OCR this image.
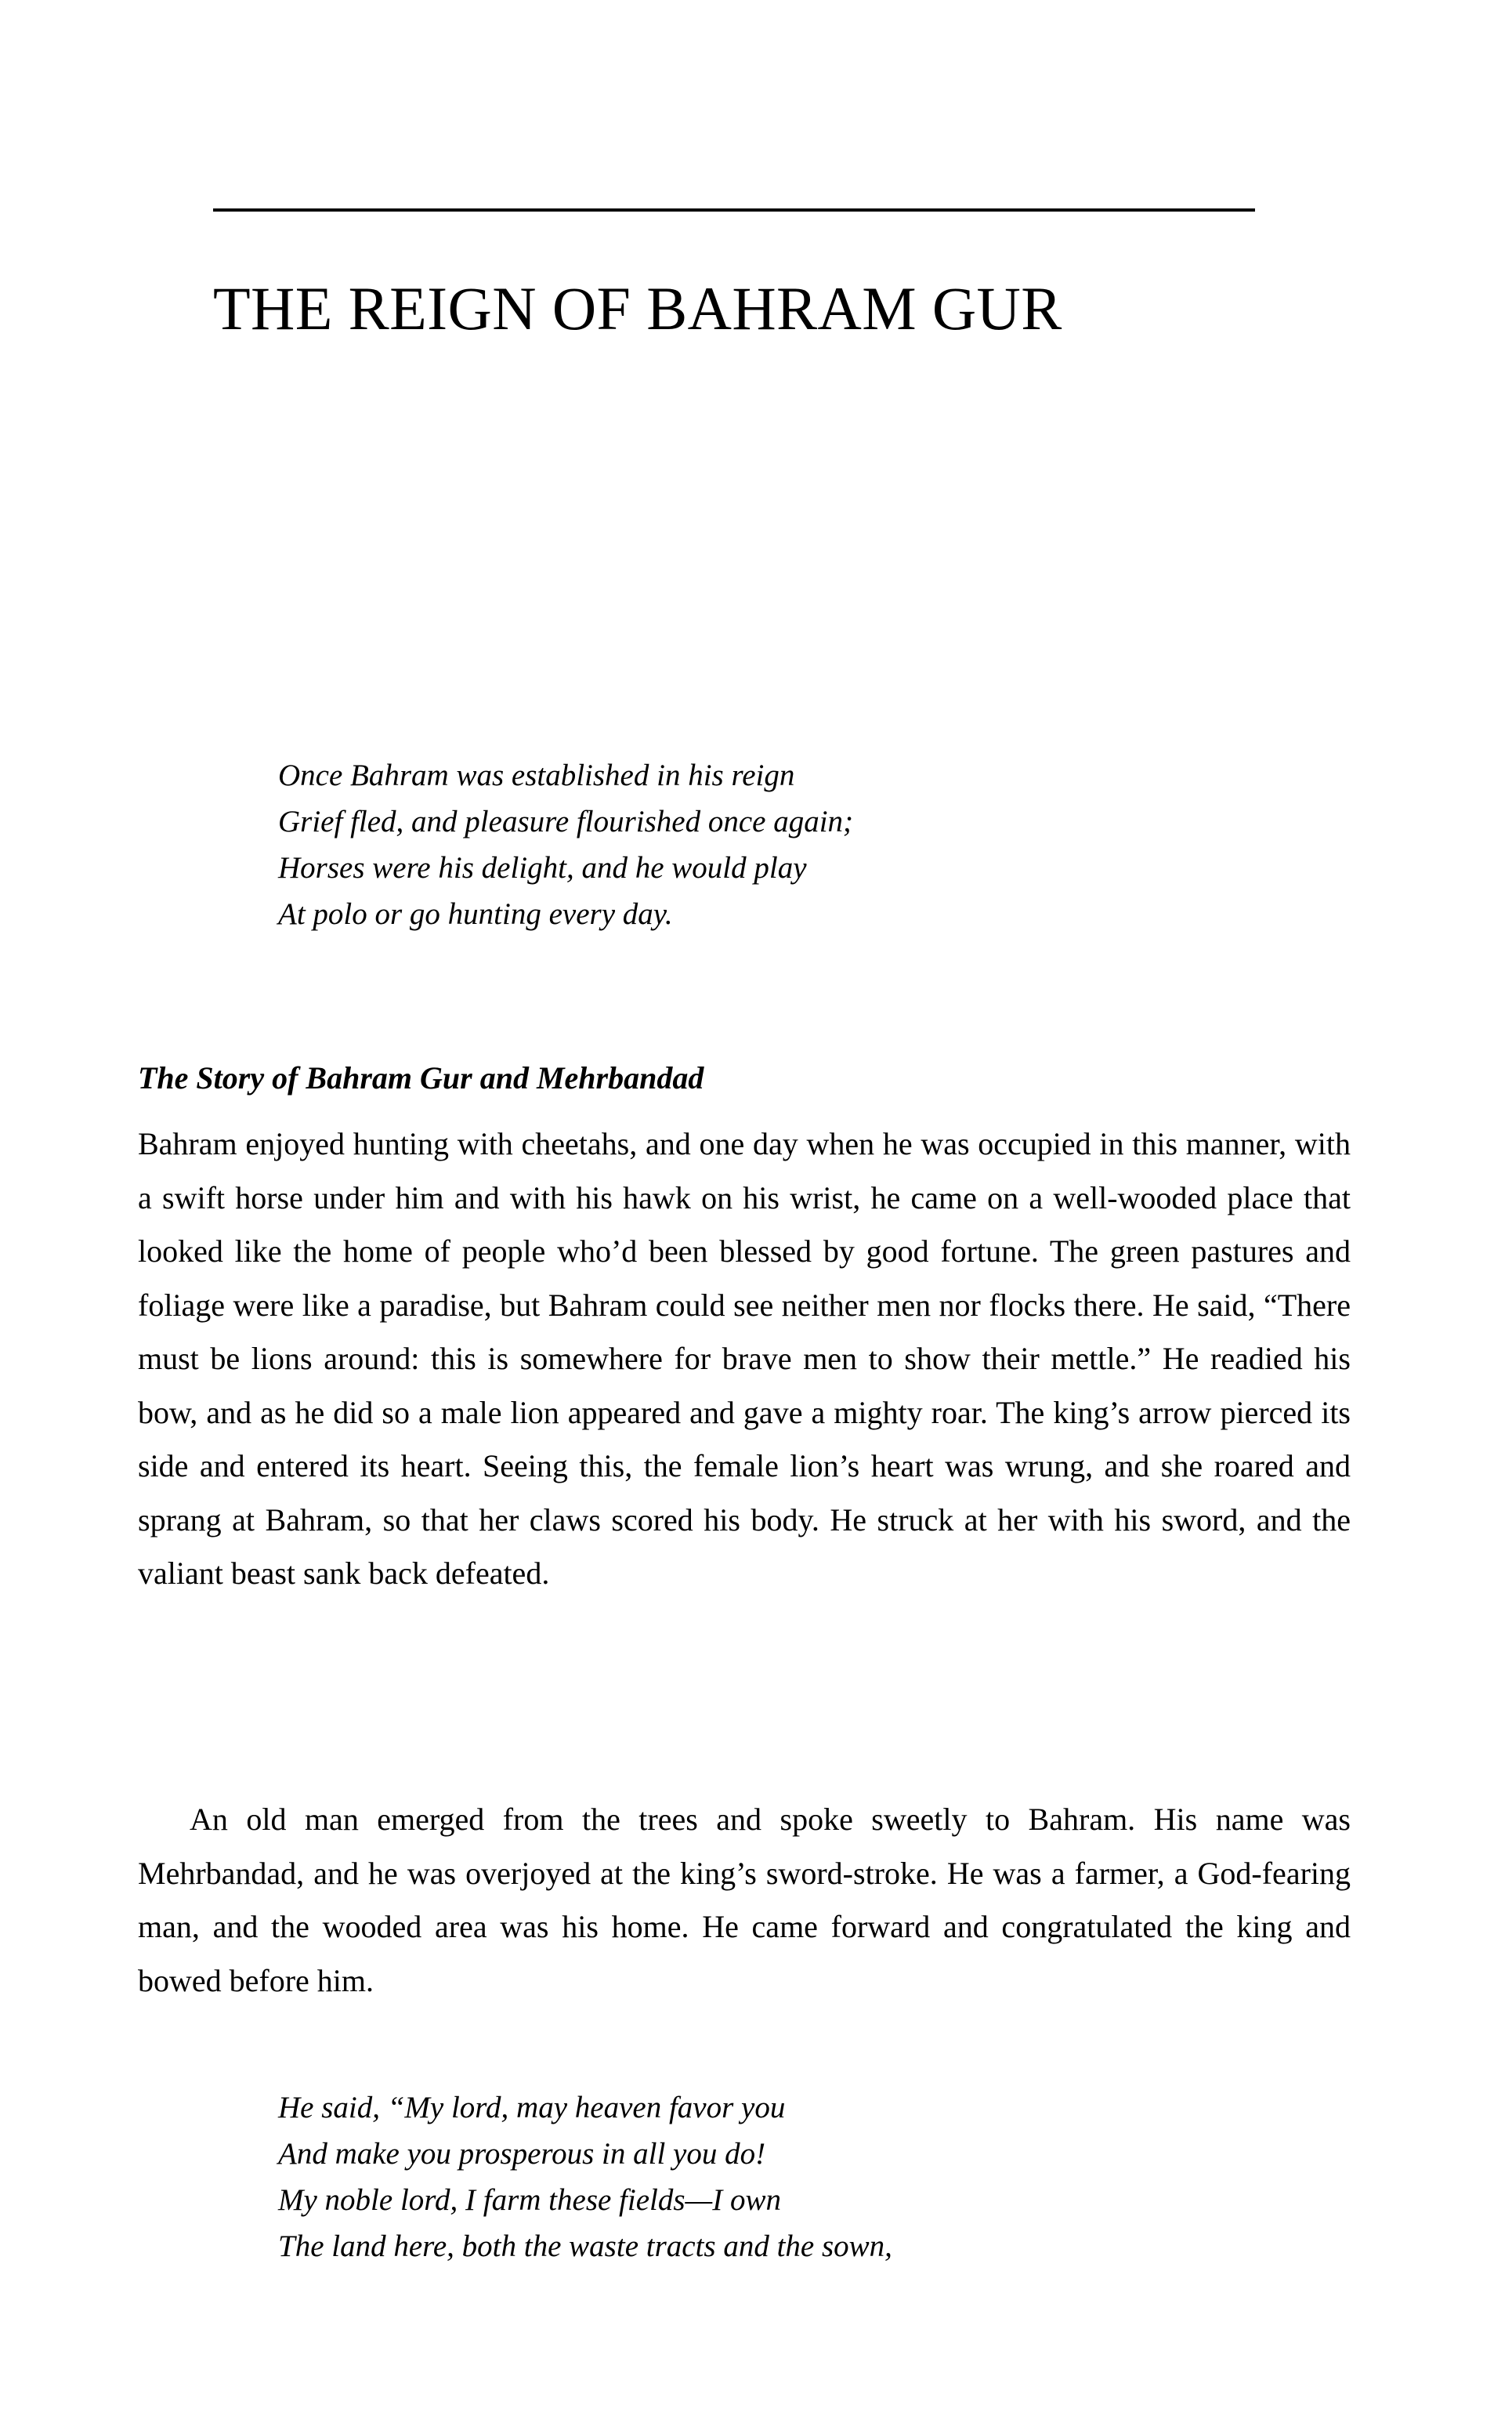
THE REIGN OF BAHRAM GUR
Once Bahram was established in his reign
Grief fled, and pleasure flourished once again;
Horses were his delight, and he would play
At polo or go hunting every day.
The Story of Bahram Gur and Mehrbandad

Bahram enjoyed hunting with cheetahs, and one day when he was occupied in this manner, with a swift horse under him and with his hawk on his wrist, he came on a well-wooded place that looked like the home of people who’d been blessed by good fortune. The green pastures and foliage were like a paradise, but Bahram could see neither men nor flocks there. He said, “There must be lions around: this is somewhere for brave men to show their mettle.” He readied his bow, and as he did so a male lion appeared and gave a mighty roar. The king’s arrow pierced its side and entered its heart. Seeing this, the female lion’s heart was wrung, and she roared and sprang at Bahram, so that her claws scored his body. He struck at her with his sword, and the valiant beast sank back defeated.

An old man emerged from the trees and spoke sweetly to Bahram. His name was Mehrbandad, and he was overjoyed at the king’s sword-stroke. He was a farmer, a God-fearing man, and the wooded area was his home. He came forward and congratulated the king and bowed before him.

He said, “My lord, may heaven favor you
And make you prosperous in all you do!
My noble lord, I farm these fields—I own
The land here, both the waste tracts and the sown,
